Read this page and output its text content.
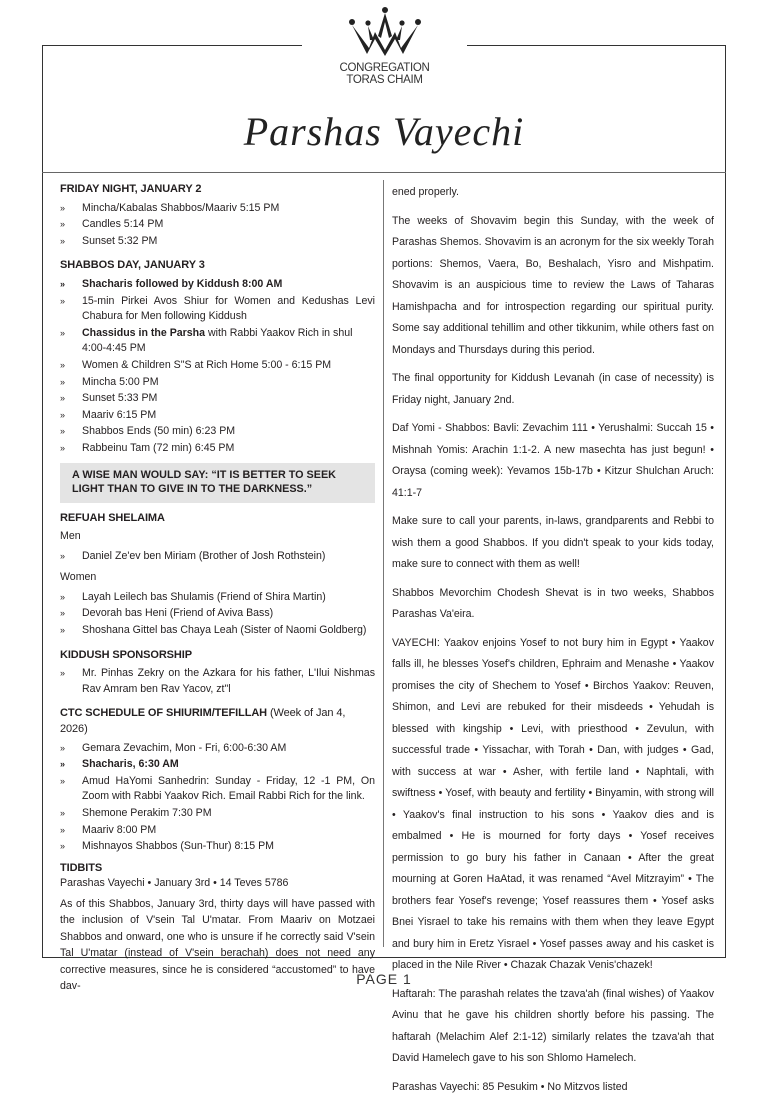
CONGREGATION
TORAS CHAIM
Parshas Vayechi
FRIDAY NIGHT, JANUARY 2
» Mincha/Kabalas Shabbos/Maariv 5:15 PM
» Candles 5:14 PM
» Sunset 5:32 PM
SHABBOS DAY, JANUARY 3
» Shacharis followed by Kiddush 8:00 AM
» 15-min Pirkei Avos Shiur for Women and Kedushas Levi Chabura for Men following Kiddush
» Chassidus in the Parsha with Rabbi Yaakov Rich in shul 4:00-4:45 PM
» Women & Children S"S at Rich Home 5:00 - 6:15 PM
» Mincha 5:00 PM
» Sunset 5:33 PM
» Maariv 6:15 PM
» Shabbos Ends (50 min) 6:23 PM
» Rabbeinu Tam (72 min) 6:45 PM
A WISE MAN WOULD SAY: “IT IS BETTER TO SEEK LIGHT THAN TO GIVE IN TO THE DARKNESS.”
REFUAH SHELAIMA
Men
» Daniel Ze'ev ben Miriam (Brother of Josh Rothstein)
Women
» Layah Leilech bas Shulamis (Friend of Shira Martin)
» Devorah bas Heni (Friend of Aviva Bass)
» Shoshana Gittel bas Chaya Leah (Sister of Naomi Goldberg)
KIDDUSH SPONSORSHIP
» Mr. Pinhas Zekry on the Azkara for his father, L'Ilui Nishmas Rav Amram ben Rav Yacov, zt"l
CTC SCHEDULE OF SHIURIM/TEFILLAH (Week of Jan 4, 2026)
» Gemara Zevachim, Mon - Fri, 6:00-6:30 AM
» Shacharis, 6:30 AM
» Amud HaYomi Sanhedrin: Sunday - Friday, 12 -1 PM, On Zoom with Rabbi Yaakov Rich. Email Rabbi Rich for the link.
» Shemone Perakim 7:30 PM
» Maariv 8:00 PM
» Mishnayos Shabbos (Sun-Thur) 8:15 PM
TIDBITS

Parashas Vayechi • January 3rd • 14 Teves 5786

As of this Shabbos, January 3rd, thirty days will have passed with the inclusion of V'sein Tal U'matar. From Maariv on Motzaei Shabbos and onward, one who is unsure if he correctly said V'sein Tal U'matar (instead of V'sein berachah) does not need any corrective measures, since he is considered “accustomed” to have dav-

ened properly.

The weeks of Shovavim begin this Sunday, with the week of Parashas Shemos. Shovavim is an acronym for the six weekly Torah portions: Shemos, Vaera, Bo, Beshalach, Yisro and Mishpatim. Shovavim is an auspicious time to review the Laws of Taharas Hamishpacha and for introspection regarding our spiritual purity. Some say additional tehillim and other tikkunim, while others fast on Mondays and Thursdays during this period.

The final opportunity for Kiddush Levanah (in case of necessity) is Friday night, January 2nd.

Daf Yomi - Shabbos: Bavli: Zevachim 111 • Yerushalmi: Succah 15 • Mishnah Yomis: Arachin 1:1-2. A new masechta has just begun! • Oraysa (coming week): Yevamos 15b-17b • Kitzur Shulchan Aruch: 41:1-7

Make sure to call your parents, in-laws, grandparents and Rebbi to wish them a good Shabbos. If you didn't speak to your kids today, make sure to connect with them as well!

Shabbos Mevorchim Chodesh Shevat is in two weeks, Shabbos Parashas Va'eira.

VAYECHI: Yaakov enjoins Yosef to not bury him in Egypt • Yaakov falls ill, he blesses Yosef's children, Ephraim and Menashe • Yaakov promises the city of Shechem to Yosef • Birchos Yaakov: Reuven, Shimon, and Levi are rebuked for their misdeeds • Yehudah is blessed with kingship • Levi, with priesthood • Zevulun, with successful trade • Yissachar, with Torah • Dan, with judges • Gad, with success at war • Asher, with fertile land • Naphtali, with swiftness • Yosef, with beauty and fertility • Binyamin, with strong will • Yaakov's final instruction to his sons • Yaakov dies and is embalmed • He is mourned for forty days • Yosef receives permission to go bury his father in Canaan • After the great mourning at Goren HaAtad, it was renamed “Avel Mitzrayim” • The brothers fear Yosef's revenge; Yosef reassures them • Yosef asks Bnei Yisrael to take his remains with them when they leave Egypt and bury him in Eretz Yisrael • Yosef passes away and his casket is placed in the Nile River • Chazak Chazak Venis'chazek!

Haftarah: The parashah relates the tzava'ah (final wishes) of Yaakov Avinu that he gave his children shortly before his passing. The haftarah (Melachim Alef 2:1-12) similarly relates the tzava'ah that David Hamelech gave to his son Shlomo Hamelech.

Parashas Vayechi: 85 Pesukim • No Mitzvos listed

PAGE 1
